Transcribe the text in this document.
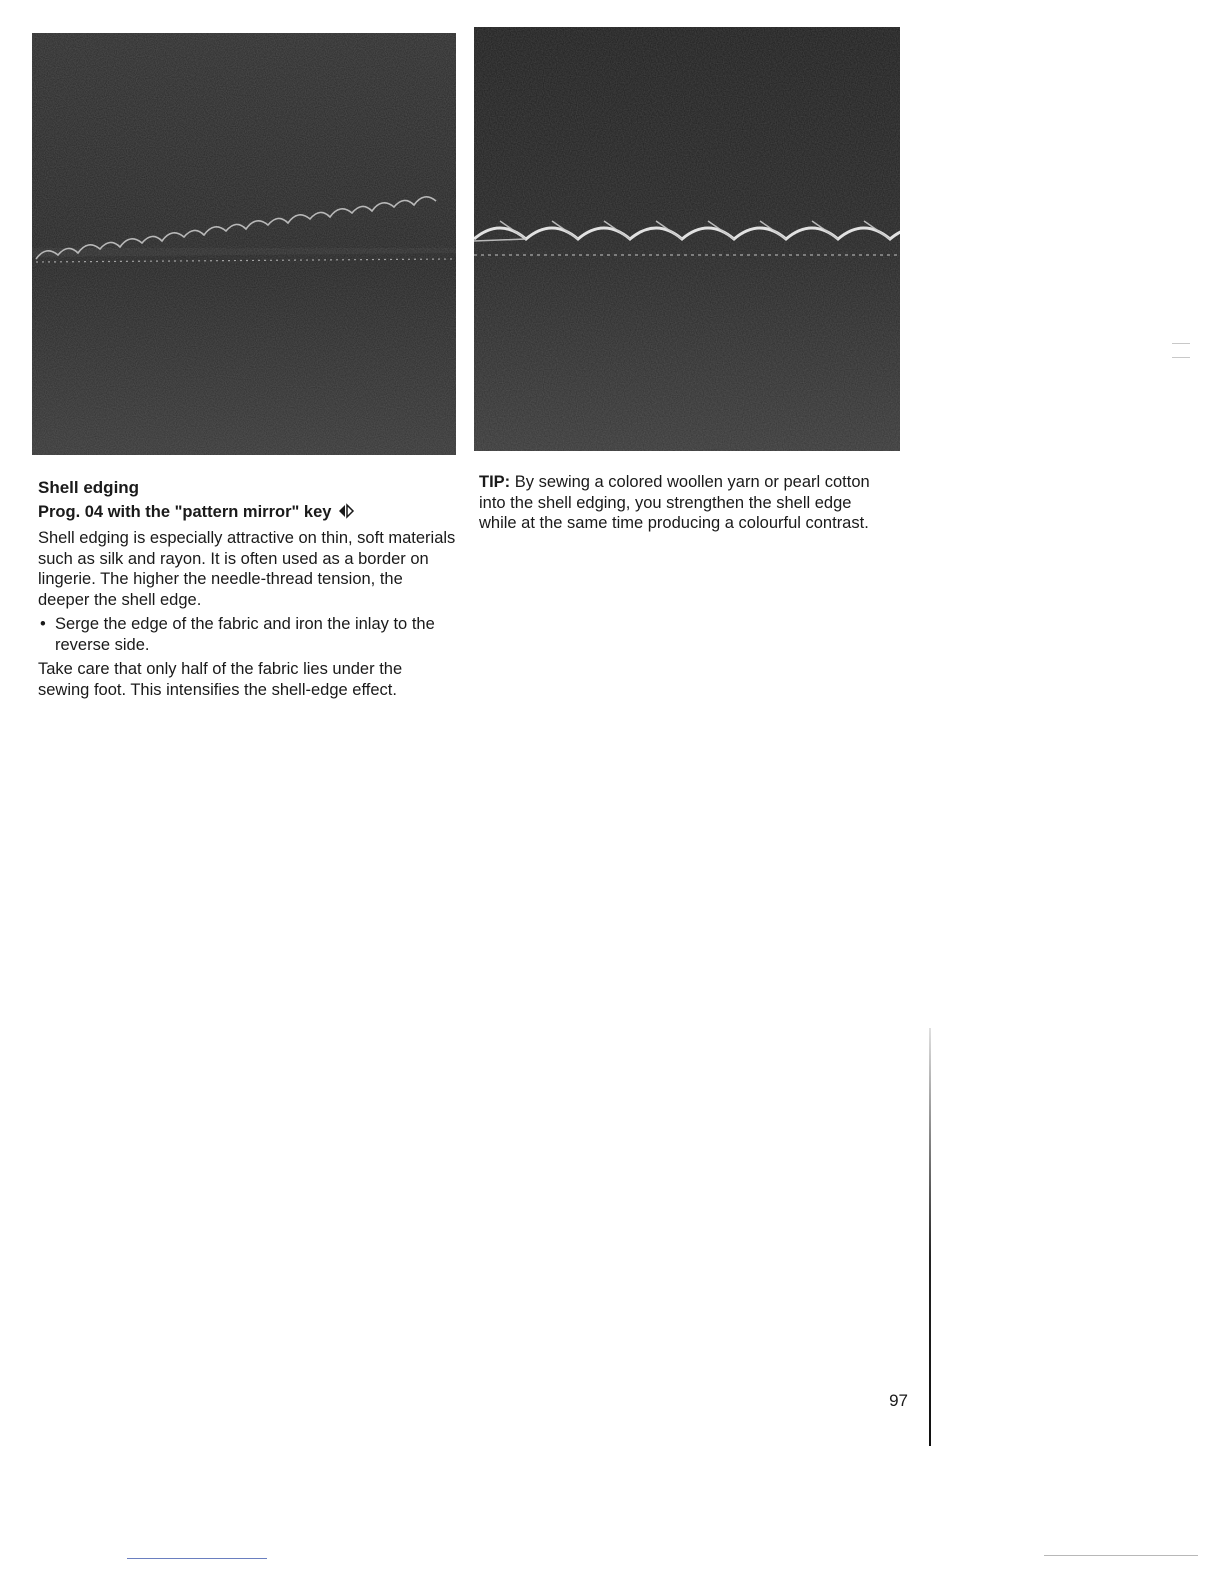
Shell edging
Prog. 04 with the "pattern mirror" key

Shell edging is especially attractive on thin, soft materials such as silk and rayon. It is often used as a border on lingerie. The higher the needle-thread tension, the deeper the shell edge.

• Serge the edge of the fabric and iron the inlay to the reverse side.

Take care that only half of the fabric lies under the sewing foot. This intensifies the shell-edge effect.

TIP: By sewing a colored woollen yarn or pearl cotton into the shell edging, you strengthen the shell edge while at the same time producing a colourful contrast.

97
